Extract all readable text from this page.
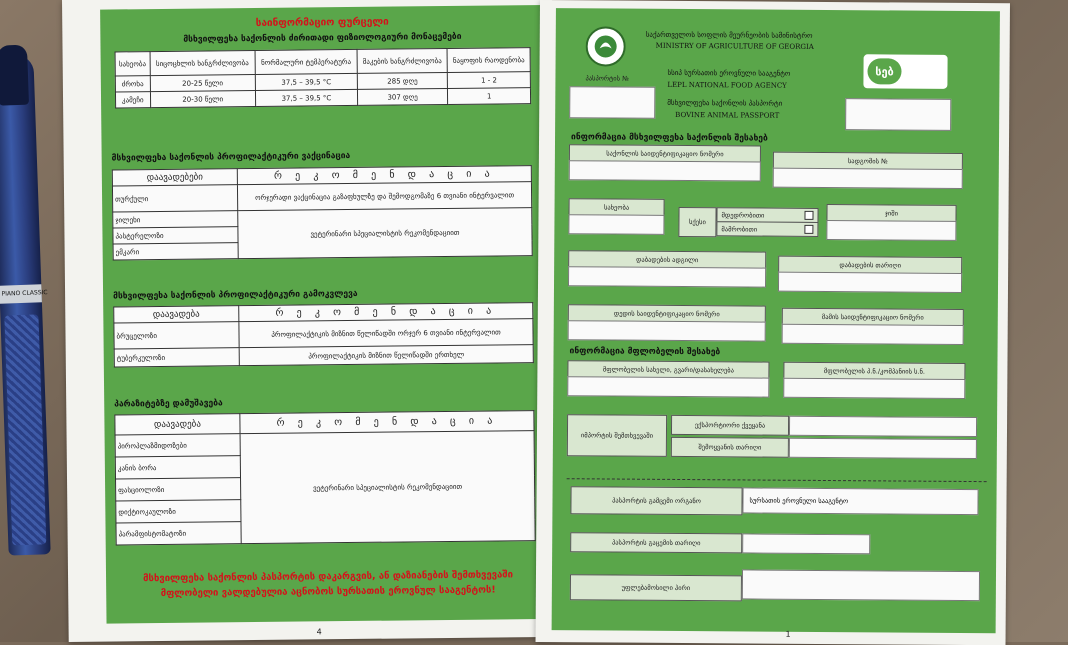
PIANO CLASSIC
საინფორმაციო ფურცელი
მსხვილფეხა საქონლის ძირითადი ფიზიოლოგიური მონაცემები
სახეობა	სიცოცხლის ხანგრძლივობა	ნორმალური ტემპერატურა	მაკების ხანგრძლივობა	ნაყოფის რაოდენობა
ძროხა	20-25 წელი	37,5 – 39,5 °C	285 დღე	1 - 2
კამეჩი	20-30 წელი	37,5 – 39,5 °C	307 დღე	1
მსხვილფეხა საქონლის პროფილაქტიკური ვაქცინაცია
დაავადებები	რ ე კ ო მ ე ნ დ ა ც ი ა
თურქული	ორჯერადი ვაქცინაცია გაზაფხულზე და შემოდგომაზე 6 თვიანი ინტერვალით
ჯილეხი	ვეტერინარი სპეციალისტის რეკომენდაციით
პასტერელოზი	
ემკარი	
მსხვილფეხა საქონლის პროფილაქტიკური გამოკვლევა
დაავადება	რ ე კ ო მ ე ნ დ ა ც ი ა
ბრუცელოზი	პროფილაქტიკის მიზნით წელიწადში ორჯერ 6 თვიანი ინტერვალით
ტუბერკულოზი	პროფილაქტიკის მიზნით წელიწადში ერთხელ
პარაზიტებზე დამუშავება
დაავადება	რ ე კ ო მ ე ნ დ ა ც ი ა
პიროპლაზმიდოზები	ვეტერინარი სპეციალისტის რეკომენდაციით
კანის ბორა	
ფასციოლოზი	
დიქტიოკაულოზი	
პარამფისტომატოზი	
მსხვილფეხა საქონლის პასპორტის დაკარგვის, ან დაზიანების შემთხვევაში მფლობელი ვალდებულია აცნობოს სურსათის ეროვნულ სააგენტოს!
4
საქართველოს სოფლის მეურნეობის სამინისტრო
MINISTRY OF AGRICULTURE OF GEORGIA
სსიპ სურსათის ეროვნული სააგენტო
LEPL NATIONAL FOOD AGENCY
მსხვილფეხა საქონლის პასპორტი
BOVINE ANIMAL PASSPORT
პასპორტის №
სებ
ინფორმაცია მსხვილფეხა საქონლის შესახებ
საქონლის საიდენტიფიკაციო ნომერი
სადგომის №
სახეობა
სქესი
მდედრობითი
მამრობითი
ჯიში
დაბადების ადგილი
დაბადების თარიღი
დედის საიდენტიფიკაციო ნომერი	მამის საიდენტიფიკაციო ნომერი
ინფორმაცია მფლობელის შესახებ
მფლობელის სახელი, გვარი/დასახელება	მფლობელის პ.ნ./კომპანიის ს.ნ.
იმპორტის შემთხვევაში
ექსპორტიორი ქვეყანა
შემოყვანის თარიღი
პასპორტის გამცემი ორგანო	სურსათის ეროვნული სააგენტო
პასპორტის გაცემის თარიღი
უფლებამოსილი პირი
1
